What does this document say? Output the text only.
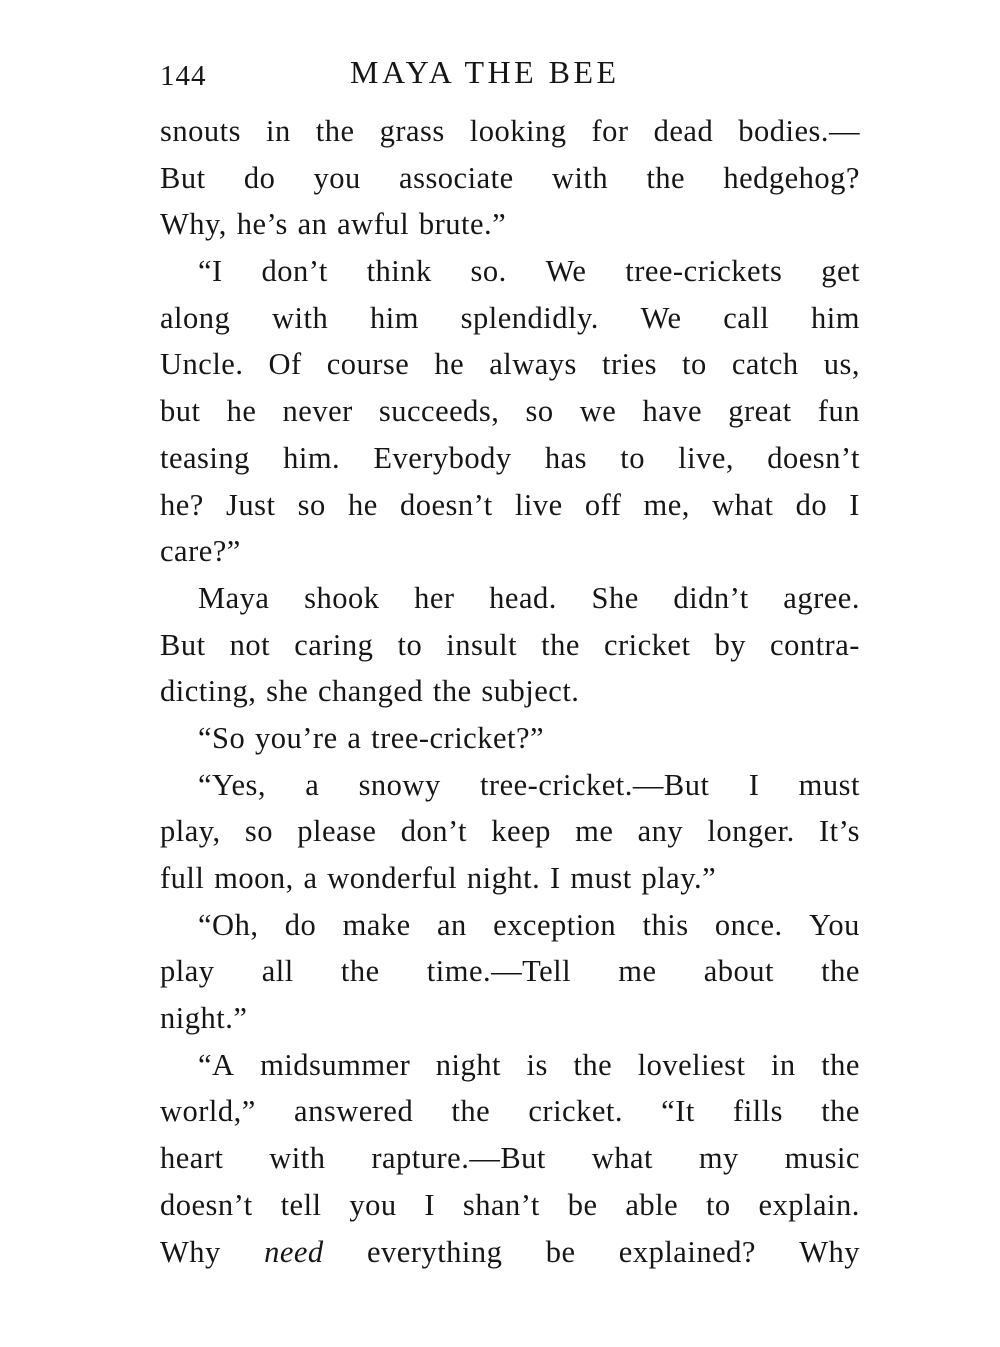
144	MAYA THE BEE
snouts in the grass looking for dead bodies.—
But do you associate with the hedgehog?
Why, he’s an awful brute.”
“I don’t think so. We tree-crickets get
along with him splendidly. We call him
Uncle. Of course he always tries to catch us,
but he never succeeds, so we have great fun
teasing him. Everybody has to live, doesn’t
he? Just so he doesn’t live off me, what do I
care?”
Maya shook her head. She didn’t agree.
But not caring to insult the cricket by contra-
dicting, she changed the subject.
“So you’re a tree-cricket?”
“Yes, a snowy tree-cricket.—But I must
play, so please don’t keep me any longer. It’s
full moon, a wonderful night. I must play.”
“Oh, do make an exception this once. You
play all the time.—Tell me about the
night.”
“A midsummer night is the loveliest in the
world,” answered the cricket. “It fills the
heart with rapture.—But what my music
doesn’t tell you I shan’t be able to explain.
Why need everything be explained? Why
